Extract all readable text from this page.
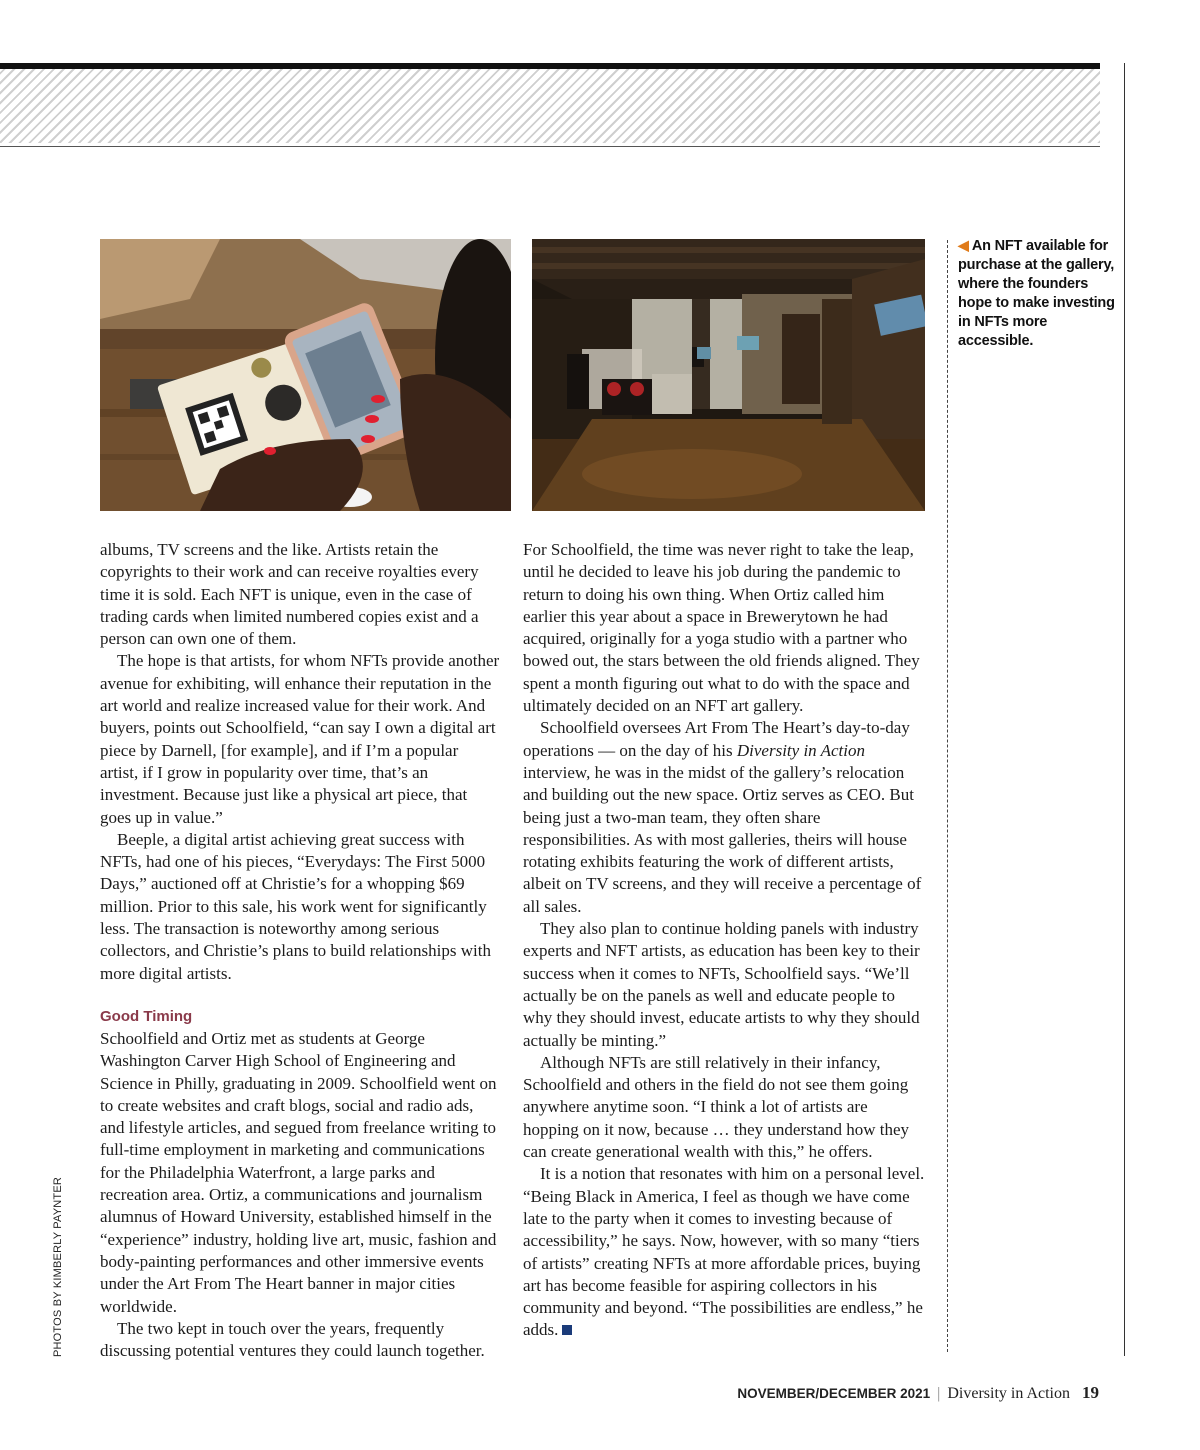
◀ An NFT available for purchase at the gallery, where the founders hope to make investing in NFTs more accessible.

albums, TV screens and the like. Artists retain the copyrights to their work and can receive royalties every time it is sold. Each NFT is unique, even in the case of trading cards when limited numbered copies exist and a person can own one of them.

The hope is that artists, for whom NFTs provide another avenue for exhibiting, will enhance their reputation in the art world and realize increased value for their work. And buyers, points out Schoolfield, “can say I own a digital art piece by Darnell, [for example], and if I’m a popular artist, if I grow in popularity over time, that’s an investment. Because just like a physical art piece, that goes up in value.”

Beeple, a digital artist achieving great success with NFTs, had one of his pieces, “Everydays: The First 5000 Days,” auctioned off at Christie’s for a whopping $69 million. Prior to this sale, his work went for significantly less. The transaction is noteworthy among serious collectors, and Christie’s plans to build relationships with more digital artists.

Good Timing

Schoolfield and Ortiz met as students at George Washington Carver High School of Engineering and Science in Philly, graduating in 2009. Schoolfield went on to create websites and craft blogs, social and radio ads, and lifestyle articles, and segued from freelance writing to full-time employment in marketing and communications for the Philadelphia Waterfront, a large parks and recreation area. Ortiz, a communications and journalism alumnus of Howard University, established himself in the “experience” industry, holding live art, music, fashion and body-painting performances and other immersive events under the Art From The Heart banner in major cities worldwide.

The two kept in touch over the years, frequently discussing potential ventures they could launch together.

For Schoolfield, the time was never right to take the leap, until he decided to leave his job during the pandemic to return to doing his own thing. When Ortiz called him earlier this year about a space in Brewerytown he had acquired, originally for a yoga studio with a partner who bowed out, the stars between the old friends aligned. They spent a month figuring out what to do with the space and ultimately decided on an NFT art gallery.

Schoolfield oversees Art From The Heart’s day-to-day operations — on the day of his Diversity in Action interview, he was in the midst of the gallery’s relocation and building out the new space. Ortiz serves as CEO. But being just a two-man team, they often share responsibilities. As with most galleries, theirs will house rotating exhibits featuring the work of different artists, albeit on TV screens, and they will receive a percentage of all sales.

They also plan to continue holding panels with industry experts and NFT artists, as education has been key to their success when it comes to NFTs, Schoolfield says. “We’ll actually be on the panels as well and educate people to why they should invest, educate artists to why they should actually be minting.”

Although NFTs are still relatively in their infancy, Schoolfield and others in the field do not see them going anywhere anytime soon. “I think a lot of artists are hopping on it now, because … they understand how they can create generational wealth with this,” he offers.

It is a notion that resonates with him on a personal level. “Being Black in America, I feel as though we have come late to the party when it comes to investing because of accessibility,” he says. Now, however, with so many “tiers of artists” creating NFTs at more affordable prices, buying art has become feasible for aspiring collectors in his community and beyond. “The possibilities are endless,” he adds.

PHOTOS BY KIMBERLY PAYNTER
NOVEMBER/DECEMBER 2021 | Diversity in Action 19
